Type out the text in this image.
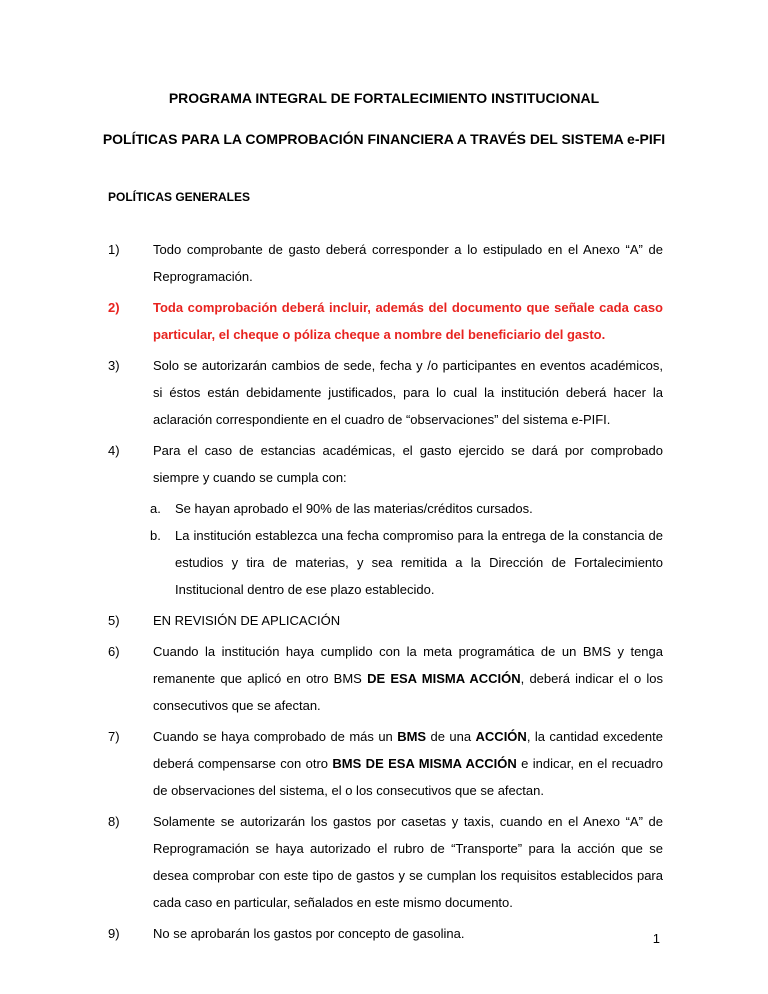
PROGRAMA INTEGRAL DE FORTALECIMIENTO INSTITUCIONAL
POLÍTICAS PARA LA COMPROBACIÓN FINANCIERA A TRAVÉS DEL SISTEMA e-PIFI
POLÍTICAS GENERALES
1)	Todo comprobante de gasto deberá corresponder a lo estipulado en el Anexo “A” de Reprogramación.
2)	Toda comprobación deberá incluir, además del documento que señale cada caso particular, el cheque o póliza cheque a nombre del beneficiario del gasto.
3)	Solo se autorizarán cambios de sede, fecha y /o participantes en eventos académicos, si éstos están debidamente justificados, para lo cual la institución deberá hacer la aclaración correspondiente en el cuadro de “observaciones” del sistema e-PIFI.
4)	Para el caso de estancias académicas, el gasto ejercido se dará por comprobado siempre y cuando se cumpla con:
a. Se hayan aprobado el 90% de las materias/créditos cursados.
b. La institución establezca una fecha compromiso para la entrega de la constancia de estudios y tira de materias, y sea remitida a la Dirección de Fortalecimiento Institucional dentro de ese plazo establecido.
5)	EN REVISIÓN DE APLICACIÓN
6)	Cuando la institución haya cumplido con la meta programática de un BMS y tenga remanente que aplicó en otro BMS DE ESA MISMA ACCIÓN, deberá indicar el o los consecutivos que se afectan.
7)	Cuando se haya comprobado de más un BMS de una ACCIÓN, la cantidad excedente deberá compensarse con otro BMS DE ESA MISMA ACCIÓN e indicar, en el recuadro de observaciones del sistema, el o los consecutivos que se afectan.
8)	Solamente se autorizarán los gastos por casetas y taxis, cuando en el Anexo “A” de Reprogramación se haya autorizado el rubro de “Transporte” para la acción que se desea comprobar con este tipo de gastos y se cumplan los requisitos establecidos para cada caso en particular, señalados en este mismo documento.
9)	No se aprobarán los gastos por concepto de gasolina.	1
